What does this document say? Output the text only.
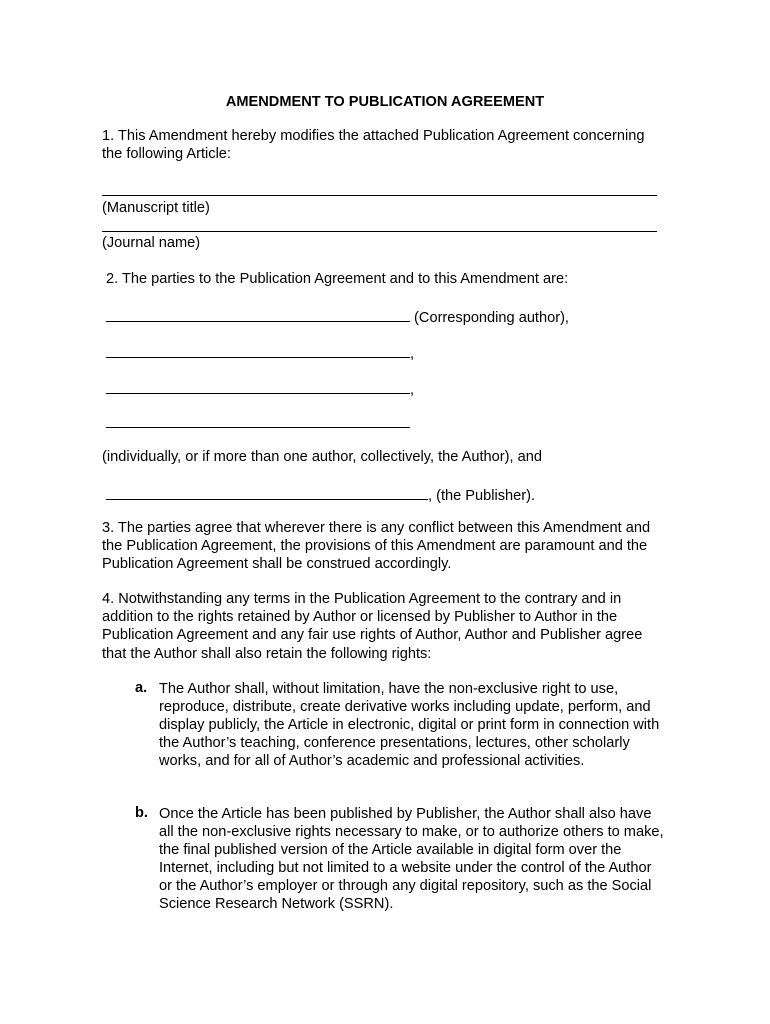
AMENDMENT TO PUBLICATION AGREEMENT
1. This Amendment hereby modifies the attached Publication Agreement concerning the following Article:
(Manuscript title)
(Journal name)
2. The parties to the Publication Agreement and to this Amendment are:
(Corresponding author),
,
,
(individually, or if more than one author, collectively, the Author), and
, (the Publisher).
3. The parties agree that wherever there is any conflict between this Amendment and the Publication Agreement, the provisions of this Amendment are paramount and the Publication Agreement shall be construed accordingly.
4. Notwithstanding any terms in the Publication Agreement to the contrary and in addition to the rights retained by Author or licensed by Publisher to Author in the Publication Agreement and any fair use rights of Author, Author and Publisher agree that the Author shall also retain the following rights:
a. The Author shall, without limitation, have the non-exclusive right to use, reproduce, distribute, create derivative works including update, perform, and display publicly, the Article in electronic, digital or print form in connection with the Author’s teaching, conference presentations, lectures, other scholarly works, and for all of Author’s academic and professional activities.
b. Once the Article has been published by Publisher, the Author shall also have all the non-exclusive rights necessary to make, or to authorize others to make, the final published version of the Article available in digital form over the Internet, including but not limited to a website under the control of the Author or the Author’s employer or through any digital repository, such as the Social Science Research Network (SSRN).
